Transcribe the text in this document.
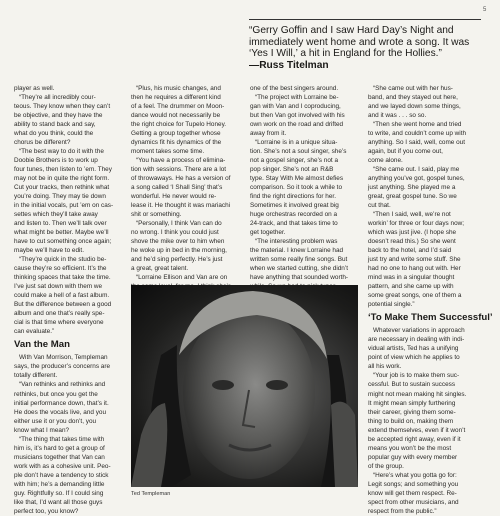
5
“Gerry Goffin and I saw Hard Day’s Night and immediately went home and wrote a song. It was ‘Yes I Will,’ a hit in England for the Hollies.”
—Russ Titelman
player as well.
“They’re all incredibly cour-
teous. They know when they can’t
be objective, and they have the
ability to stand back and say,
what do you think, could the
chorus be different?
“The best way to do it with the
Doobie Brothers is to work up
four tunes, then listen to ’em. They
may not be in quite the right form.
Cut your tracks, then rethink what
you’re doing. They may tie down
in the initial vocals, put ’em on cas-
settes which they’ll take away
and listen to. Then we’ll talk over
what might be better. Maybe we’ll
have to cut something once again;
maybe we’ll have to edit.
“They’re quick in the studio be-
cause they’re so efficient. It’s the
thinking spaces that take the time.
I’ve just sat down with them we
could make a hell of a fast album.
But the difference between a good
album and one that’s really spe-
cial is that time where everyone
can evaluate.”
Van the Man
With Van Morrison, Templeman
says, the producer’s concerns are
totally different.
“Van rethinks and rethinks and
rethinks, but once you get the
initial performance down, that’s it.
He does the vocals live, and you
either use it or you don’t, you
know what I mean?
“The thing that takes time with
him is, it’s hard to get a group of
musicians together that Van can
work with as a cohesive unit. Peo-
ple don’t have a tendency to stick
with him; he’s a demanding little
guy. Rightfully so. If I could sing
like that, I’d want all those guys
perfect too, you know?
“Plus, his music changes, and
then he requires a different kind
of a feel. The drummer on Moon-
dance would not necessarily be
the right choice for Tupelo Honey.
Getting a group together whose
dynamics fit his dynamics of the
moment takes some time.
“You have a process of elimina-
tion with sessions. There are a lot
of throwaways. He has a version of
a song called ‘I Shall Sing’ that’s
wonderful. He never would re-
lease it. He thought it was mariachi
shit or something.
“Personally, I think Van can do
no wrong. I think you could just
shove the mike over to him when
he woke up in bed in the morning,
and he’d sing perfectly. He’s just
a great, great talent.
“Lorraine Ellison and Van are on
one of the best singers around.
“The project with Lorraine be-
gan with Van and I coproducing,
but then Van got involved with his
own work on the road and drifted
away from it.
“Lorraine is in a unique situa-
tion. She’s not a soul singer, she’s
not a gospel singer, she’s not a
pop singer. She’s not an R&B
type. Stay With Me almost defies
comparison. So it took a while to
find the right directions for her.
Sometimes it involved great big
huge orchestras recorded on a
24-track, and that takes time to
get together.
“The interesting problem was
the material. I knew Lorraine had
written some really fine songs. But
when we started cutting, she didn’t
have anything that sounded worth-
“She came out with her hus-
band, and they stayed out here,
and we layed down some things,
and it was . . . so so.
“Then she went home and tried
to write, and couldn’t come up with
anything. So I said, well, come out
again, but if you come out,
come alone.
“She came out. I said, play me
anything you’ve got, gospel tunes,
just anything. She played me a
great, great gospel tune. So we
cut that.
“Then I said, well, we’re not
workin’ for three or four days now;
which was just jive. (I hope she
doesn’t read this.) So she went
back to the hotel, and I’d said
just try and write some stuff. She
had no one to hang out with. Her
mind was in a singular thought
pattern, and she came up with
some great songs, one of them a
potential single.”
‘To Make Them Successful’
Whatever variations in approach
are necessary in dealing with indi-
vidual artists, Ted has a unifying
point of view which he applies to
all his work.
“Your job is to make them suc-
cessful. But to sustain success
might not mean making hit singles.
It might mean simply furthering
their career, giving them some-
thing to build on, making them
extend themselves, even if it won’t
be accepted right away, even if it
means you won’t be the most
popular guy with every member
of the group.
“Here’s what you gotta go for:
Legit songs; and something you
know will get them respect. Re-
spect from other musicians, and
respect from the public.”
Ted Templeman
